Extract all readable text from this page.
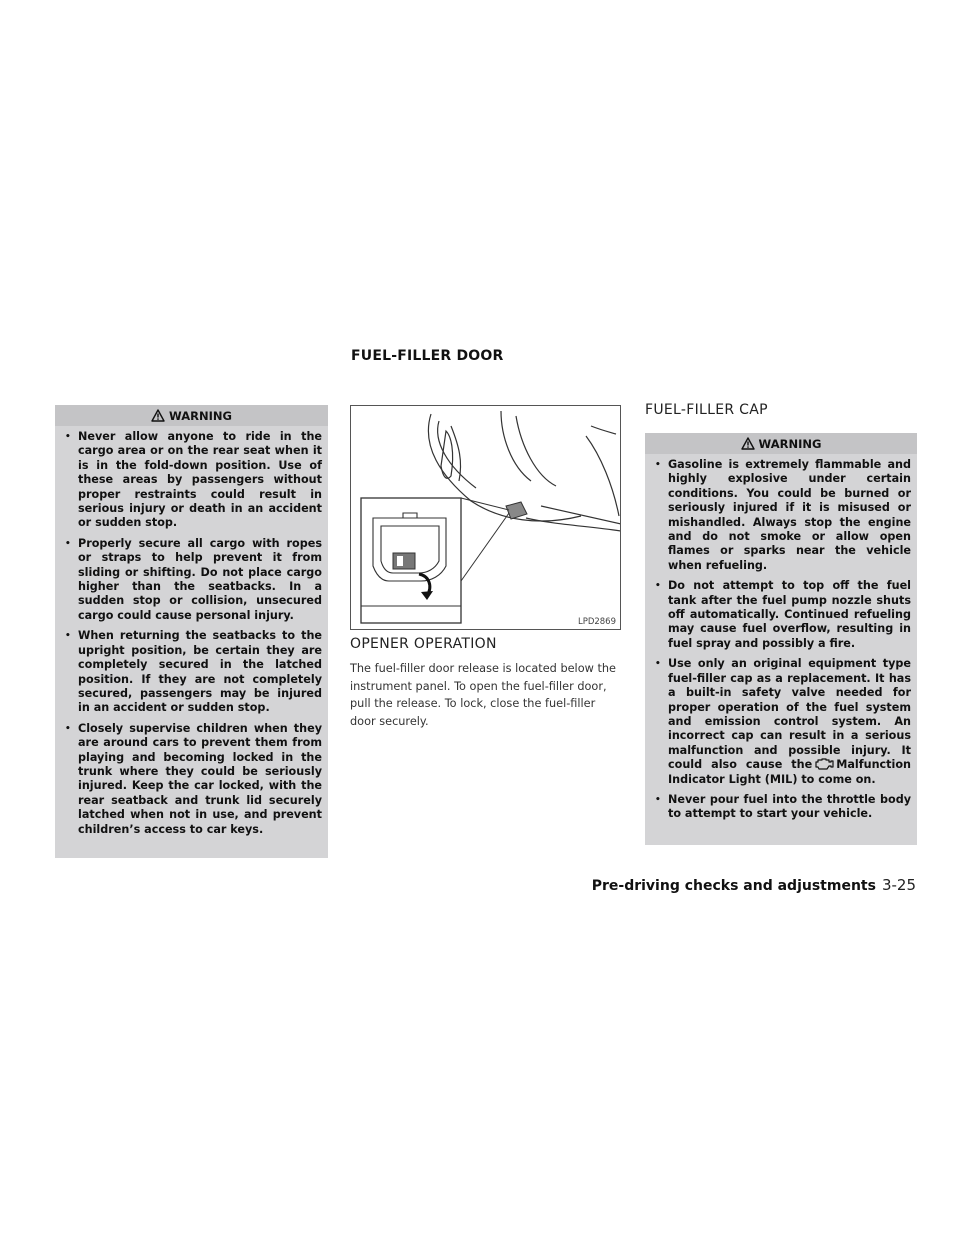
FUEL-FILLER DOOR
WARNING
• Never allow anyone to ride in the cargo area or on the rear seat when it is in the fold-down position. Use of these areas by passengers without proper restraints could result in serious injury or death in an accident or sudden stop.
• Properly secure all cargo with ropes or straps to help prevent it from sliding or shifting. Do not place cargo higher than the seatbacks. In a sudden stop or collision, unsecured cargo could cause personal injury.
• When returning the seatbacks to the upright position, be certain they are completely secured in the latched position. If they are not completely secured, passengers may be injured in an accident or sudden stop.
• Closely supervise children when they are around cars to prevent them from playing and becoming locked in the trunk where they could be seriously injured. Keep the car locked, with the rear seatback and trunk lid securely latched when not in use, and prevent children’s access to car keys.
LPD2869
OPENER OPERATION
The fuel-filler door release is located below the instrument panel. To open the fuel-filler door, pull the release. To lock, close the fuel-filler door securely.
FUEL-FILLER CAP
WARNING
• Gasoline is extremely flammable and highly explosive under certain conditions. You could be burned or seriously injured if it is misused or mishandled. Always stop the engine and do not smoke or allow open flames or sparks near the vehicle when refueling.
• Do not attempt to top off the fuel tank after the fuel pump nozzle shuts off automatically. Continued refueling may cause fuel overflow, resulting in fuel spray and possibly a fire.
• Use only an original equipment type fuel-filler cap as a replacement. It has a built-in safety valve needed for proper operation of the fuel system and emission control system. An incorrect cap can result in a serious malfunction and possible injury. It could also cause the Malfunction Indicator Light (MIL) to come on.
• Never pour fuel into the throttle body to attempt to start your vehicle.
Pre-driving checks and adjustments 3-25
